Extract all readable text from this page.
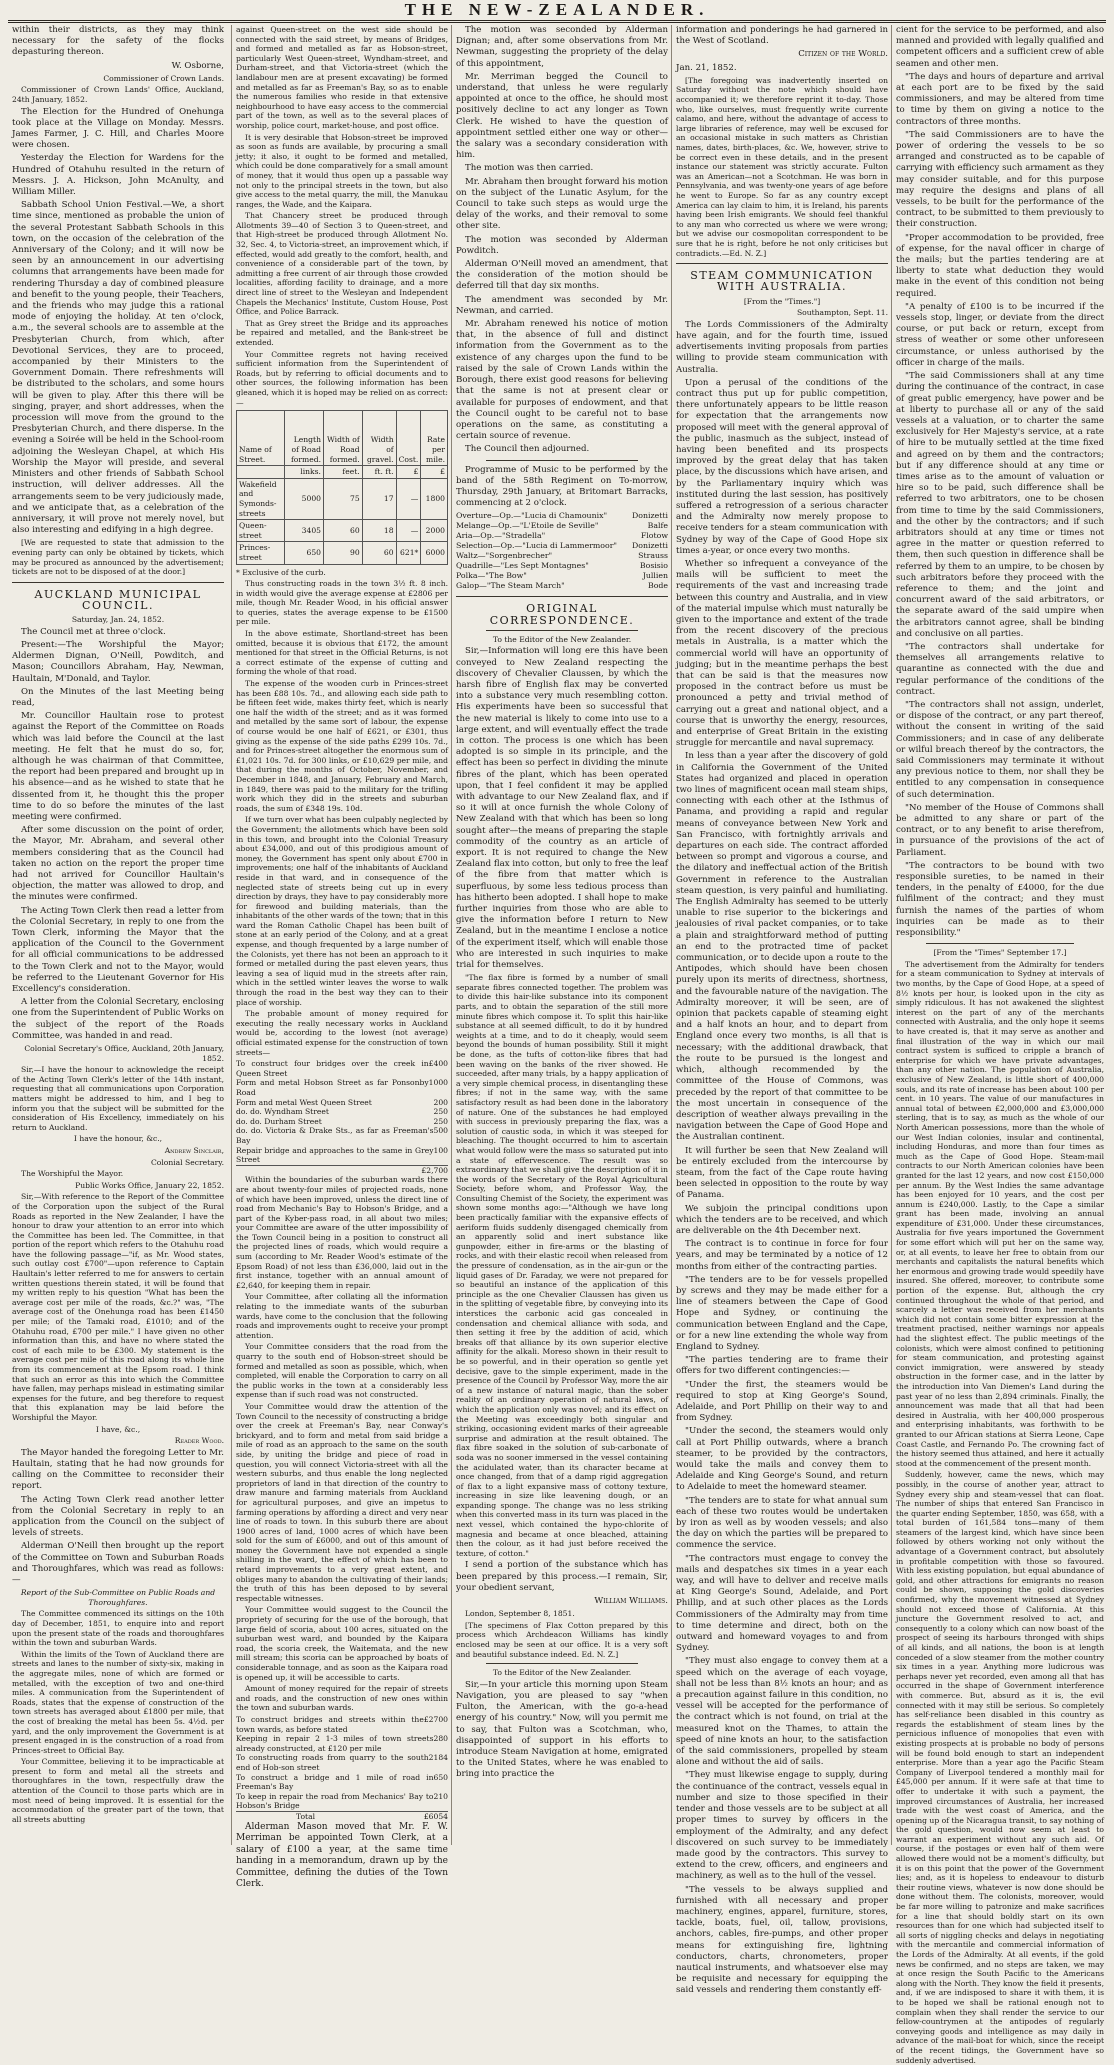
THE NEW-ZEALANDER.

within their districts, as they may think necessary for the safety of the flocks depasturing thereon.

W. Osborne,

Commissioner of Crown Lands.

Commissioner of Crown Lands' Office, Auckland, 24th January, 1852.

The Election for the Hundred of Onehunga took place at the Village on Monday. Messrs. James Farmer, J. C. Hill, and Charles Moore were chosen.

Yesterday the Election for Wardens for the Hundred of Otahuhu resulted in the return of Messrs. J. A. Hickson, John McAnulty, and William Miller.

Sabbath School Union Festival.—We, a short time since, mentioned as probable the union of the several Protestant Sabbath Schools in this town, on the occasion of the celebration of the Anniversary of the Colony; and it will now be seen by an announcement in our advertising columns that arrangements have been made for rendering Thursday a day of combined pleasure and benefit to the young people, their Teachers, and the friends who may judge this a rational mode of enjoying the holiday. At ten o'clock, a.m., the several schools are to assemble at the Presbyterian Church, from which, after Devotional Services, they are to proceed, accompanied by their Ministers to the Government Domain. There refreshments will be distributed to the scholars, and some hours will be given to play. After this there will be singing, prayer, and short addresses, when the procession will move from the ground to the Presbyterian Church, and there disperse. In the evening a Soirée will be held in the School-room adjoining the Wesleyan Chapel, at which His Worship the Mayor will preside, and several Ministers and other friends of Sabbath School instruction, will deliver addresses. All the arrangements seem to be very judiciously made, and we anticipate that, as a celebration of the anniversary, it will prove not merely novel, but also interesting and edifying in a high degree.

[We are requested to state that admission to the evening party can only be obtained by tickets, which may be procured as announced by the advertisement; tickets are not to be disposed of at the door.]

AUCKLAND MUNICIPAL COUNCIL.

Saturday, Jan. 24, 1852.

The Council met at three o'clock.

Present:—The Worshipful the Mayor; Aldermen Dignan, O'Neill, Powditch, and Mason; Councillors Abraham, Hay, Newman, Haultain, M'Donald, and Taylor.

On the Minutes of the last Meeting being read,

Mr. Councillor Haultain rose to protest against the Report of the Committee on Roads which was laid before the Council at the last meeting. He felt that he must do so, for, although he was chairman of that Committee, the report had been prepared and brought up in his absence—and as he wished to state that he dissented from it, he thought this the proper time to do so before the minutes of the last meeting were confirmed.

After some discussion on the point of order, the Mayor, Mr. Abraham, and several other members considering that as the Council had taken no action on the report the proper time had not arrived for Councillor Haultain's objection, the matter was allowed to drop, and the minutes were confirmed.

The Acting Town Clerk then read a letter from the Colonial Secretary, in reply to one from the Town Clerk, informing the Mayor that the application of the Council to the Government for all official communications to be addressed to the Town Clerk and not to the Mayor, would be referred to the Lieutenant Governor for His Excellency's consideration.

A letter from the Colonial Secretary, enclosing one from the Superintendent of Public Works on the subject of the report of the Roads Committee, was handed in and read.

Colonial Secretary's Office, Auckland, 20th January, 1852.

Sir,—I have the honour to acknowledge the receipt of the Acting Town Clerk's letter of the 14th instant, requesting that all communications upon Corporation matters might be addressed to him, and I beg to inform you that the subject will be submitted for the consideration of His Excellency, immediately on his return to Auckland.

I have the honour, &c.,

Andrew Sinclair,

Colonial Secretary.

The Worshipful the Mayor.

Public Works Office, January 22, 1852.

Sir,—With reference to the Report of the Committee of the Corporation upon the subject of the Rural Roads as reported in the New Zealander, I have the honour to draw your attention to an error into which the Committee has been led. The Committee, in that portion of the report which refers to the Otahuhu road have the following passage—"if, as Mr. Wood states, such outlay cost £700"—upon reference to Captain Haultain's letter referred to me for answers to certain written questions therein stated, it will be found that my written reply to his question "What has been the average cost per mile of the roads, &c.?" was, "The average cost of the Onehunga road has been £1450 per mile; of the Tamaki road, £1010; and of the Otahuhu road, £700 per mile." I have given no other information than this, and have no where stated the cost of each mile to be £300. My statement is the average cost per mile of this road along its whole line from its commencement at the Epsom road. I think that such an error as this into which the Committee have fallen, may perhaps mislead in estimating similar expenses for the future, and beg therefore to request that this explanation may be laid before the Worshipful the Mayor.

I have, &c.,

Reader Wood.

The Mayor handed the foregoing Letter to Mr. Haultain, stating that he had now grounds for calling on the Committee to reconsider their report.

The Acting Town Clerk read another letter from the Colonial Secretary in reply to an application from the Council on the subject of levels of streets.

Alderman O'Neill then brought up the report of the Committee on Town and Suburban Roads and Thoroughfares, which was read as follows:—

Report of the Sub-Committee on Public Roads and Thoroughfares.

The Committee commenced its sittings on the 10th day of December, 1851, to enquire into and report upon the present state of the roads and thoroughfares within the town and suburban Wards.

Within the limits of the Town of Auckland there are streets and lanes to the number of sixty-six, making in the aggregate miles, none of which are formed or metalled, with the exception of two and one-third miles. A communication from the Superintendent of Roads, states that the expense of construction of the town streets has averaged about £1800 per mile, that the cost of breaking the metal has been 5s. 4½d. per yard, and the only improvement the Government is at present engaged in is the construction of a road from Princes-street to Official Bay.

Your Committee, believing it to be impracticable at present to form and metal all the streets and thoroughfares in the town, respectfully draw the attention of the Council to those parts which are in most need of being improved. It is essential for the accommodation of the greater part of the town, that all streets abutting

against Queen-street on the west side should be connected with the said street, by means of Bridges, and formed and metalled as far as Hobson-street, particularly West Queen-street, Wyndham-street, and Durham-street, and that Victoria-street (which the landlabour men are at present excavating) be formed and metalled as far as Freeman's Bay, so as to enable the numerous families who reside in that extensive neighbourhood to have easy access to the commercial part of the town, as well as to the several places of worship, police court, market-house, and post office.

It is very desirable that Hobson-street be improved as soon as funds are available, by procuring a small jetty; it also, it ought to be formed and metalled, which could be done comparatively for a small amount of money, that it would thus open up a passable way not only to the principal streets in the town, but also give access to the metal quarry, the mill, the Manukau ranges, the Wade, and the Kaipara.

That Chancery street be produced through Allotments 39—40 of Section 3 to Queen-street, and that High-street be produced through Allotment No. 32, Sec. 4, to Victoria-street, an improvement which, if effected, would add greatly to the comfort, health, and convenience of a considerable part of the town, by admitting a free current of air through those crowded localities, affording facility to drainage, and a more direct line of street to the Wesleyan and Independent Chapels the Mechanics' Institute, Custom House, Post Office, and Police Barrack.

That as Grey street the Bridge and its approaches be repaired and metalled, and the Bank-street be extended.

Your Committee regrets not having received sufficient information from the Superintendent of Roads, but by referring to official documents and to other sources, the following information has been gleaned, which it is hoped may be relied on as correct:—

Name of Street.	Length of Road formed.	Width of Road formed.	Width of gravel.	Cost.	Rate per mile.
	links.	feet.	ft. ft.	£	£
Wakefield and Symonds-streets	5000	75	17	—	1800
Queen-street	3405	60	18	—	2000
Princes-street	650	90	60	621*	6000

* Exclusive of the curb.

Thus constructing roads in the town 3½ ft. 8 inch. in width would give the average expense at £2806 per mile, though Mr. Reader Wood, in his official answer to queries, states the average expense to be £1500 per mile.

In the above estimate, Shortland-street has been omitted, because it is obvious that £172, the amount mentioned for that street in the Official Returns, is not a correct estimate of the expense of cutting and forming the whole of that road.

The expense of the wooden curb in Princes-street has been £88 10s. 7d., and allowing each side path to be fifteen feet wide, makes thirty feet, which is nearly one half the width of the street; and as it was formed and metalled by the same sort of labour, the expense of course would be one half of £621, or £301, thus giving as the expense of the side paths £299 10s. 7d., and for Princes-street altogether the enormous sum of £1,021 10s. 7d. for 300 links, or £10,629 per mile, and that during the months of October, November, and December in 1848, and January, February and March, in 1849, there was paid to the military for the trifling work which they did in the streets and suburban roads, the sum of £348 19s. 10d.

If we turn over what has been culpably neglected by the Government; the allotments which have been sold in this town, and brought into the Colonial Treasury about £34,000, and out of this prodigious amount of money, the Government has spent only about £700 in improvements; one half of the inhabitants of Auckland reside in that ward, and in consequence of the neglected state of streets being cut up in every direction by drays, they have to pay considerably more for firewood and building materials, than the inhabitants of the other wards of the town; that in this ward the Roman Catholic Chapel has been built of stone at an early period of the Colony, and at a great expense, and though frequented by a large number of the Colonists, yet there has not been an approach to it formed or metalled during the past eleven years, thus leaving a sea of liquid mud in the streets after rain, which in the settled winter leaves the worse to walk through the road in the best way they can to their place of worship.

The probable amount of money required for executing the really necessary works in Auckland would be, according to the lowest (not average) official estimated expense for the construction of town streets—

To construct four bridges over the creek in Queen Street
£400
Form and metal Hobson Street as far Ponsonby Road
1000
Form and metal West Queen Street	200
do. do. Wyndham Street	250
do. do. Durham Street	250
do. do. Victoria & Drake Sts., as far as Freeman's Bay
500
Repair bridge and approaches to the same in Grey Street
100
£2,700

Within the boundaries of the suburban wards there are about twenty-four miles of projected roads, none of which have been improved, unless the direct line of road from Mechanic's Bay to Hobson's Bridge, and a part of the Kyber-pass road, in all about two miles; your Committee are aware of the utter impossibility of the Town Council being in a position to construct all the projected lines of roads, which would require a sum (according to Mr. Reader Wood's estimate of the Epsom Road) of not less than £36,000, laid out in the first instance, together with an annual amount of £2,640, for keeping them in repair.

Your Committee, after collating all the information relating to the immediate wants of the suburban wards, have come to the conclusion that the following roads and improvements ought to receive your prompt attention.

Your Committee considers that the road from the quarry to the south end of Hobson-street should be formed and metalled as soon as possible, which, when completed, will enable the Corporation to carry on all the public works in the town at a considerably less expense than if such road was not constructed.

Your Committee would draw the attention of the Town Council to the necessity of constructing a bridge over the creek at Freeman's Bay, near Conway's brickyard, and to form and metal from said bridge a mile of road as an approach to the same on the south side, by uniting the bridge and piece of road in question, you will connect Victoria-street with all the western suburbs, and thus enable the long neglected proprietors of land in that direction of the country to draw manure and farming materials from Auckland for agricultural purposes, and give an impetus to farming operations by affording a direct and very near line of roads to town. In this suburb there are about 1900 acres of land, 1000 acres of which have been sold for the sum of £6000, and out of this amount of money the Government have not expended a single shilling in the ward, the effect of which has been to retard improvements to a very great extent, and obliges many to abandon the cultivating of their lands; the truth of this has been deposed to by several respectable witnesses.

Your Committee would suggest to the Council the propriety of securing for the use of the borough, that large field of scoria, about 100 acres, situated on the suburban west ward, and bounded by the Kaipara road, the scoria creek, the Waitemata, and the new mill stream; this scoria can be approached by boats of considerable tonnage, and as soon as the Kaipara road is opened up, it will be accessible to carts.

Amount of money required for the repair of streets and roads, and the construction of new ones within the town and suburban wards.

To construct bridges and streets within the town wards, as before stated
£2700
Keeping in repair 2 1-3 miles of town streets already constructed, at £120 per mile
280
To constructing roads from quarry to the south end of Hob-son street
2184
To construct a bridge and 1 mile of road in Freeman's Bay
650
To keep in repair the road from Mechanics' Bay to Hobson's Bridge
210
Total	£6054

Alderman Mason moved that Mr. F. W. Merriman be appointed Town Clerk, at a salary of £100 a year, at the same time handing in a memorandum, drawn up by the Committee, defining the duties of the Town Clerk.

The motion was seconded by Alderman Dignan; and, after some observations from Mr. Newman, suggesting the propriety of the delay of this appointment,

Mr. Merriman begged the Council to understand, that unless he were regularly appointed at once to the office, he should most positively decline to act any longer as Town Clerk. He wished to have the question of appointment settled either one way or other—the salary was a secondary consideration with him.

The motion was then carried.

Mr. Abraham then brought forward his motion on the subject of the Lunatic Asylum, for the Council to take such steps as would urge the delay of the works, and their removal to some other site.

The motion was seconded by Alderman Powditch.

Alderman O'Neill moved an amendment, that the consideration of the motion should be deferred till that day six months.

The amendment was seconded by Mr. Newman, and carried.

Mr. Abraham renewed his notice of motion that, in the absence of full and distinct information from the Government as to the existence of any charges upon the fund to be raised by the sale of Crown Lands within the Borough, there exist good reasons for believing that the same is not at present clear or available for purposes of endowment, and that the Council ought to be careful not to base operations on the same, as constituting a certain source of revenue.

The Council then adjourned.

Programme of Music to be performed by the band of the 58th Regiment on To-morrow, Thursday, 29th January, at Britomart Barracks, commencing at 2 o'clock.

Overture—Op.—"Lucia di Chamounix"	Donizetti
Melange—Op.—"L'Etoile de Seville"	Balfe
Aria—Op.—"Stradella"	Flotow
Selection—Op.—"Lucia di Lammermoor" Donizetti
Waltz—"Sorgenbrecher"	Strauss
Quadrille—"Les Sept Montagnes"	Bosisio
Polka—"The Bow"	Jullien
Galop—"The Steam March"	Bode

ORIGINAL CORRESPONDENCE.

To the Editor of the New Zealander.

Sir,—Information will long ere this have been conveyed to New Zealand respecting the discovery of Chevalier Claussen, by which the harsh fibre of English flax may be converted into a substance very much resembling cotton. His experiments have been so successful that the new material is likely to come into use to a large extent, and will eventually effect the trade in cotton. The process is one which has been adopted is so simple in its principle, and the effect has been so perfect in dividing the minute fibres of the plant, which has been operated upon, that I feel confident it may be applied with advantage to our New Zealand flax, and if so it will at once furnish the whole Colony of New Zealand with that which has been so long sought after—the means of preparing the staple commodity of the country as an article of export. It is not required to change the New Zealand flax into cotton, but only to free the leaf of the fibre from that matter which is superfluous, by some less tedious process than has hitherto been adopted. I shall hope to make further inquiries from those who are able to give the information before I return to New Zealand, but in the meantime I enclose a notice of the experiment itself, which will enable those who are interested in such inquiries to make trial for themselves.

"The flax fibre is formed by a number of small separate fibres connected together. The problem was to divide this hair-like substance into its component parts, and to obtain the separation of the still more minute fibres which compose it. To split this hair-like substance at all seemed difficult, to do it by hundred weights at a time, and to do it cheaply, would seem beyond the bounds of human possibility. Still it might be done, as the tufts of cotton-like fibres that had been waving on the banks of the river showed. He succeeded, after many trials, by a happy application of a very simple chemical process, in disentangling these fibres; if not in the same way, with the same satisfactory result as had been done in the laboratory of nature. One of the substances he had employed with success in previously preparing the flax, was a solution of caustic soda, in which it was steeped for bleaching. The thought occurred to him to ascertain what would follow were the mass so saturated put into a state of effervescence. The result was so extraordinary that we shall give the description of it in the words of the Secretary of the Royal Agricultural Society, before whom, and Professor Way, the Consulting Chemist of the Society, the experiment was shown some months ago:—"Although we have long been practically familiar with the expansive effects of aeriform fluids suddenly disengaged chemically from an apparently solid and inert substance like gunpowder, either in fire-arms or the blasting of rocks, and with their elastic recoil when released from the pressure of condensation, as in the air-gun or the liquid gases of Dr. Faraday, we were not prepared for so beautiful an instance of the application of this principle as the one Chevalier Claussen has given us in the splitting of vegetable fibre, by conveying into its interstices the carbonic acid gas concealed in condensation and chemical alliance with soda, and then setting it free by the addition of acid, which breaks off that alliance by its own superior elective affinity for the alkali. Moreso shown in their result to be so powerful, and in their operation so gentle yet decisive, gave to the simple experiment, made in the presence of the Council by Professor Way, more the air of a new instance of natural magic, than the sober reality of an ordinary operation of natural laws, of which the application only was novel; and its effect on the Meeting was exceedingly both singular and striking, occasioning evident marks of their agreeable surprise and admiration at the result obtained. The flax fibre soaked in the solution of sub-carbonate of soda was no sooner immersed in the vessel containing the acidulated water, than its character became at once changed, from that of a damp rigid aggregation of flax to a light expansive mass of cottony texture, increasing in size like leavening dough, or an expanding sponge. The change was no less striking when this converted mass in its turn was placed in the next vessel, which contained the hypo-chlorite of magnesia and became at once bleached, attaining then the colour, as it had just before received the texture, of cotton."

I send a portion of the substance which has been prepared by this process.—I remain, Sir, your obedient servant,

William Williams.

London, September 8, 1851.

[The specimens of Flax Cotton prepared by this process which Archdeacon Williams has kindly enclosed may be seen at our office. It is a very soft and beautiful substance indeed. Ed. N. Z.]

To the Editor of the New Zealander.

Sir,—In your article this morning upon Steam Navigation, you are pleased to say "when Fulton, the American, with the go-a-head energy of his country." Now, will you permit me to say, that Fulton was a Scotchman, who, disappointed of support in his efforts to introduce Steam Navigation at home, emigrated to the United States, where he was enabled to bring into practice the

information and ponderings he had garnered in the West of Scotland.

Citizen of the World.

Jan. 21, 1852.

[The foregoing was inadvertently inserted on Saturday without the note which should have accompanied it; we therefore reprint it to-day. Those who, like ourselves, must frequently write currente calamo, and here, without the advantage of access to large libraries of reference, may well be excused for an occasional mistake in such matters as Christian names, dates, birth-places, &c. We, however, strive to be correct even in these details, and in the present instance our statement was strictly accurate. Fulton was an American—not a Scotchman. He was born in Pennsylvania, and was twenty-one years of age before he went to Europe. So far as any country except America can lay claim to him, it is Ireland, his parents having been Irish emigrants. We should feel thankful to any man who corrected us where we were wrong; but we advise our cosmopolitan correspondent to be sure that he is right, before he not only criticises but contradicts.—Ed. N. Z.]

STEAM COMMUNICATION WITH AUSTRALIA.

[From the "Times."]

Southampton, Sept. 11.

The Lords Commissioners of the Admiralty have again, and for the fourth time, issued advertisements inviting proposals from parties willing to provide steam communication with Australia.

Upon a perusal of the conditions of the contract thus put up for public competition, there unfortunately appears to be little reason for expectation that the arrangements now proposed will meet with the general approval of the public, inasmuch as the subject, instead of having been benefited and its prospects improved by the great delay that has taken place, by the discussions which have arisen, and by the Parliamentary inquiry which was instituted during the last session, has positively suffered a retrogression of a serious character and the Admiralty now merely propose to receive tenders for a steam communication with Sydney by way of the Cape of Good Hope six times a-year, or once every two months.

Whether so infrequent a conveyance of the mails will be sufficient to meet the requirements of the vast and increasing trade between this country and Australia, and in view of the material impulse which must naturally be given to the importance and extent of the trade from the recent discovery of the precious metals in Australia, is a matter which the commercial world will have an opportunity of judging; but in the meantime perhaps the best that can be said is that the measures now proposed in the contract before us must be pronounced a petty and trivial method of carrying out a great and national object, and a course that is unworthy the energy, resources, and enterprise of Great Britain in the existing struggle for mercantile and naval supremacy.

In less than a year after the discovery of gold in California the Government of the United States had organized and placed in operation two lines of magnificent ocean mail steam ships, connecting with each other at the Isthmus of Panama, and providing a rapid and regular means of conveyance between New York and San Francisco, with fortnightly arrivals and departures on each side. The contract afforded between so prompt and vigorous a course, and the dilatory and ineffectual action of the British Government in reference to the Australian steam question, is very painful and humiliating. The English Admiralty has seemed to be utterly unable to rise superior to the bickerings and jealousies of rival packet companies, or to take a plain and straightforward method of putting an end to the protracted time of packet communication, or to decide upon a route to the Antipodes, which should have been chosen purely upon its merits of directness, shortness, and the favourable nature of the navigation. The Admiralty moreover, it will be seen, are of opinion that packets capable of steaming eight and a half knots an hour, and to depart from England once every two months, is all that is necessary; with the additional drawback, that the route to be pursued is the longest and which, although recommended by the committee of the House of Commons, was preceded by the report of that committee to be the most uncertain in consequence of the description of weather always prevailing in the navigation between the Cape of Good Hope and the Australian continent.

It will further be seen that New Zealand will be entirely excluded from the intercourse by steam, from the fact of the Cape route having been selected in opposition to the route by way of Panama.

We subjoin the principal conditions upon which the tenders are to be received, and which are deliverable on the 4th December next.

The contract is to continue in force for four years, and may be terminated by a notice of 12 months from either of the contracting parties.

"The tenders are to be for vessels propelled by screws and they may be made either for a line of steamers between the Cape of Good Hope and Sydney, or continuing the communication between England and the Cape, or for a new line extending the whole way from England to Sydney.

"The parties tendering are to frame their offers for two different contingencies:—

"Under the first, the steamers would be required to stop at King George's Sound, Adelaide, and Port Phillip on their way to and from Sydney.

"Under the second, the steamers would only call at Port Phillip outwards, where a branch steamer, to be provided by the contractors, would take the mails and convey them to Adelaide and King George's Sound, and return to Adelaide to meet the homeward steamer.

"The tenders are to state for what annual sum each of these two routes would be undertaken by iron as well as by wooden vessels; and also the day on which the parties will be prepared to commence the service.

"The contractors must engage to convey the mails and despatches six times in a year each way, and will have to deliver and receive mails at King George's Sound, Adelaide, and Port Phillip, and at such other places as the Lords Commissioners of the Admiralty may from time to time determine and direct, both on the outward and homeward voyages to and from Sydney.

"They must also engage to convey them at a speed which on the average of each voyage, shall not be less than 8½ knots an hour; and as a precaution against failure in this condition, no vessel will be accepted for the performance of the contract which is not found, on trial at the measured knot on the Thames, to attain the speed of nine knots an hour, to the satisfaction of the said commissioners, propelled by steam alone and without the aid of sails.

"They must likewise engage to supply, during the continuance of the contract, vessels equal in number and size to those specified in their tender and those vessels are to be subject at all proper times to survey by officers in the employment of the Admiralty, and any defect discovered on such survey to be immediately made good by the contractors. This survey to extend to the crew, officers, and engineers and machinery, as well as to the hull of the vessel.

"The vessels to be always supplied and furnished with all necessary and proper machinery, engines, apparel, furniture, stores, tackle, boats, fuel, oil, tallow, provisions, anchors, cables, fire-pumps, and other proper means for extinguishing fire, lightning conductors, charts, chronometers, proper nautical instruments, and whatsoever else may be requisite and necessary for equipping the said vessels and rendering them constantly eff-

cient for the service to be performed, and also manned and provided with legally qualified and competent officers and a sufficient crew of able seamen and other men.

"The days and hours of departure and arrival at each port are to be fixed by the said commissioners, and may be altered from time to time by them on giving a notice to the contractors of three months.

"The said Commissioners are to have the power of ordering the vessels to be so arranged and constructed as to be capable of carrying with efficiency such armament as they may consider suitable, and for this purpose may require the designs and plans of all vessels, to be built for the performance of the contract, to be submitted to them previously to their construction.

"Proper accommodation to be provided, free of expense, for the naval officer in charge of the mails; but the parties tendering are at liberty to state what deduction they would make in the event of this condition not being required.

"A penalty of £100 is to be incurred if the vessels stop, linger, or deviate from the direct course, or put back or return, except from stress of weather or some other unforeseen circumstance, or unless authorised by the officer in charge of the mails.

"The said Commissioners shall at any time during the continuance of the contract, in case of great public emergency, have power and be at liberty to purchase all or any of the said vessels at a valuation, or to charter the same exclusively for Her Majesty's service, at a rate of hire to be mutually settled at the time fixed and agreed on by them and the contractors; but if any difference should at any time or times arise as to the amount of valuation or hire so to be paid, such difference shall be referred to two arbitrators, one to be chosen from time to time by the said Commissioners, and the other by the contractors; and if such arbitrators should at any time or times not agree in the matter or question referred to them, then such question in difference shall be referred by them to an umpire, to be chosen by such arbitrators before they proceed with the reference to them; and the joint and concurrent award of the said arbitrators, or the separate award of the said umpire when the arbitrators cannot agree, shall be binding and conclusive on all parties.

"The contractors shall undertake for themselves all arrangements relative to quarantine as connected with the due and regular performance of the conditions of the contract.

"The contractors shall not assign, underlet, or dispose of the contract, or any part thereof, without the consent in writing of the said Commissioners; and in case of any deliberate or wilful breach thereof by the contractors, the said Commissioners may terminate it without any previous notice to them, nor shall they be entitled to any compensation in consequence of such determination.

"No member of the House of Commons shall be admitted to any share or part of the contract, or to any benefit to arise therefrom, in pursuance of the provisions of the act of Parliament.

"The contractors to be bound with two responsible sureties, to be named in their tenders, in the penalty of £4000, for the due fulfilment of the contract; and they must furnish the names of the parties of whom inquiries can be made as to their responsibility."

[From the "Times" September 17.]

The advertisement from the Admiralty for tenders for a steam communication to Sydney at intervals of two months, by the Cape of Good Hope, at a speed of 8½ knots per hour, is looked upon in the city as simply ridiculous. It has not awakened the slightest interest on the part of any of the merchants connected with Australia, and the only hope it seems to have created is, that it may serve as another and final illustration of the way in which our mail contract system is sufficed to cripple a branch of enterprise for which we have private advantages, than any other nation. The population of Australia, exclusive of New Zealand, is little short of 400,000 souls, and its rate of increase has been about 100 per cent. in 10 years. The value of our manufactures in annual total of between £2,000,000 and £3,000,000 sterling, that is to say, as much as the whole of our North American possessions, more than the whole of our West Indian colonies, insular and continental, including Honduras, and more than four times as much as the Cape of Good Hope. Steam-mail contracts to our North American colonies have been granted for the last 12 years, and now cost £150,000 per annum. By the West Indies the same advantage has been enjoyed for 10 years, and the cost per annum is £240,000. Lastly, to the Cape a similar grant has been made, involving an annual expenditure of £31,000. Under these circumstances, Australia for five years importuned the Government for some effort which will put her on the same way, or, at all events, to leave her free to obtain from our merchants and capitalists the natural benefits which her enormous and growing trade would speedily have insured. She offered, moreover, to contribute some portion of the expense. But, although the cry continued throughout the whole of that period, and scarcely a letter was received from her merchants which did not contain some bitter expression at the treatment practised, neither warnings nor appeals had the slightest effect. The public meetings of the colonists, which were almost confined to petitioning for steam communication, and protesting against convict immigration, were answered by steady obstruction in the former case, and in the latter by the introduction into Van Diemen's Land during the past year of no less than 2,894 criminals. Finally, the announcement was made that all that had been desired in Australia, with her 400,000 prosperous and enterprising inhabitants, was forthwith to be granted to our African stations at Sierra Leone, Cape Coast Castle, and Fernando Po. The crowning fact of the history seemed thus attained, and here it actually stood at the commencement of the present month.

Suddenly, however, came the news, which may possibly, in the course of another year, attract to Sydney every ship and steam-vessel that can float. The number of ships that entered San Francisco in the quarter ending September, 1850, was 658, with a total burden of 161,584 tons—many of them steamers of the largest kind, which have since been followed by others working not only without the advantage of a Government contract, but absolutely in profitable competition with those so favoured. With less existing population, but equal abundance of gold, and other attractions for emigrants no reason could be shown, supposing the gold discoveries confirmed, why the movement witnessed at Sydney should not exceed those of California. At this juncture the Government resolved to act, and consequently to a colony which can now boast of the prospect of seeing its harbours thronged with ships of all kinds, and all nations, the boon is at length conceded of a slow steamer from the mother country six times in a year. Anything more ludicrous was perhaps never yet recorded, even among all that has occurred in the shape of Government interference with commerce. But, absurd as it is, the evil connected with it may still be serious. So completely has self-reliance been disabled in this country as regards the establishment of steam lines by the pernicious influence of monopolies that even with existing prospects at is probable no body of persons will be found bold enough to start an independent enterprise. More than a year ago the Pacific Steam Company of Liverpool tendered a monthly mail for £45,000 per annum. If it were safe at that time to offer to undertake it with such a payment, the improved circumstances of Australia, her increased trade with the west coast of America, and the opening up of the Nicaragua transit, to say nothing of the gold question, would now seem at least to warrant an experiment without any such aid. Of course, if the postages or even half of them were allowed there would not be a moment's difficulty, but it is on this point that the power of the Government lies; and, as it is hopeless to endeavour to disturb their routine views, whatever is now done should be done without them. The colonists, moreover, would be far more willing to patronize and make sacrifices for a line that should boldly start on its own resources than for one which had subjected itself to all sorts of niggling checks and delays in negotiating with the mercantile and commercial information of the Lords of the Admiralty. At all events, if the gold news be confirmed, and no steps are taken, we may at once resign the South Pacific to the Americans along with the North. They know the field it presents, and, if we are indisposed to share it with them, it is to be hoped we shall be rational enough not to complain when they shall render the service to our fellow-countrymen at the antipodes of regularly conveying goods and intelligence as may daily in advance of the mail-boat for which, since the receipt of the recent tidings, the Government have so suddenly advertised.
